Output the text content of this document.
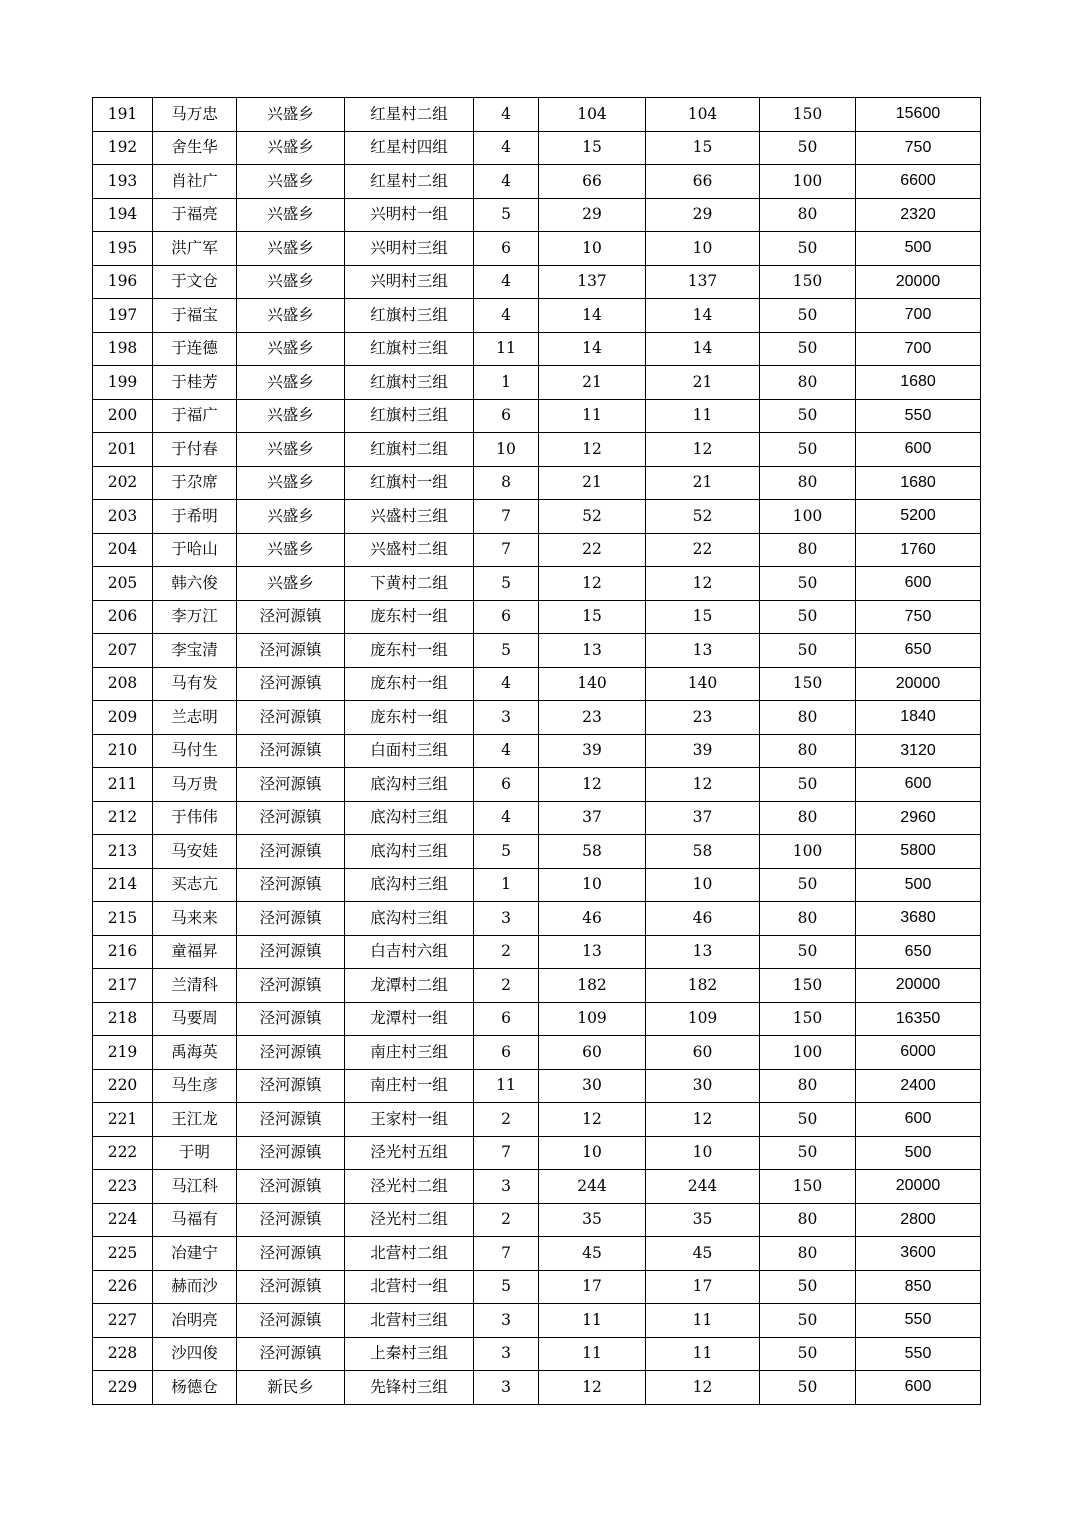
191	马万忠	兴盛乡	红星村二组	4	104	104	150	15600
192	舍生华	兴盛乡	红星村四组	4	15	15	50	750
193	肖社广	兴盛乡	红星村二组	4	66	66	100	6600
194	于福亮	兴盛乡	兴明村一组	5	29	29	80	2320
195	洪广军	兴盛乡	兴明村三组	6	10	10	50	500
196	于文仓	兴盛乡	兴明村三组	4	137	137	150	20000
197	于福宝	兴盛乡	红旗村三组	4	14	14	50	700
198	于连德	兴盛乡	红旗村三组	11	14	14	50	700
199	于桂芳	兴盛乡	红旗村三组	1	21	21	80	1680
200	于福广	兴盛乡	红旗村三组	6	11	11	50	550
201	于付春	兴盛乡	红旗村二组	10	12	12	50	600
202	于尕席	兴盛乡	红旗村一组	8	21	21	80	1680
203	于希明	兴盛乡	兴盛村三组	7	52	52	100	5200
204	于哈山	兴盛乡	兴盛村二组	7	22	22	80	1760
205	韩六俊	兴盛乡	下黄村二组	5	12	12	50	600
206	李万江	泾河源镇	庞东村一组	6	15	15	50	750
207	李宝清	泾河源镇	庞东村一组	5	13	13	50	650
208	马有发	泾河源镇	庞东村一组	4	140	140	150	20000
209	兰志明	泾河源镇	庞东村一组	3	23	23	80	1840
210	马付生	泾河源镇	白面村三组	4	39	39	80	3120
211	马万贵	泾河源镇	底沟村三组	6	12	12	50	600
212	于伟伟	泾河源镇	底沟村三组	4	37	37	80	2960
213	马安娃	泾河源镇	底沟村三组	5	58	58	100	5800
214	买志亢	泾河源镇	底沟村三组	1	10	10	50	500
215	马来来	泾河源镇	底沟村三组	3	46	46	80	3680
216	童福昇	泾河源镇	白吉村六组	2	13	13	50	650
217	兰清科	泾河源镇	龙潭村二组	2	182	182	150	20000
218	马要周	泾河源镇	龙潭村一组	6	109	109	150	16350
219	禹海英	泾河源镇	南庄村三组	6	60	60	100	6000
220	马生彦	泾河源镇	南庄村一组	11	30	30	80	2400
221	王江龙	泾河源镇	王家村一组	2	12	12	50	600
222	于明	泾河源镇	泾光村五组	7	10	10	50	500
223	马江科	泾河源镇	泾光村二组	3	244	244	150	20000
224	马福有	泾河源镇	泾光村二组	2	35	35	80	2800
225	冶建宁	泾河源镇	北营村二组	7	45	45	80	3600
226	赫而沙	泾河源镇	北营村一组	5	17	17	50	850
227	冶明亮	泾河源镇	北营村三组	3	11	11	50	550
228	沙四俊	泾河源镇	上秦村三组	3	11	11	50	550
229	杨德仓	新民乡	先锋村三组	3	12	12	50	600
